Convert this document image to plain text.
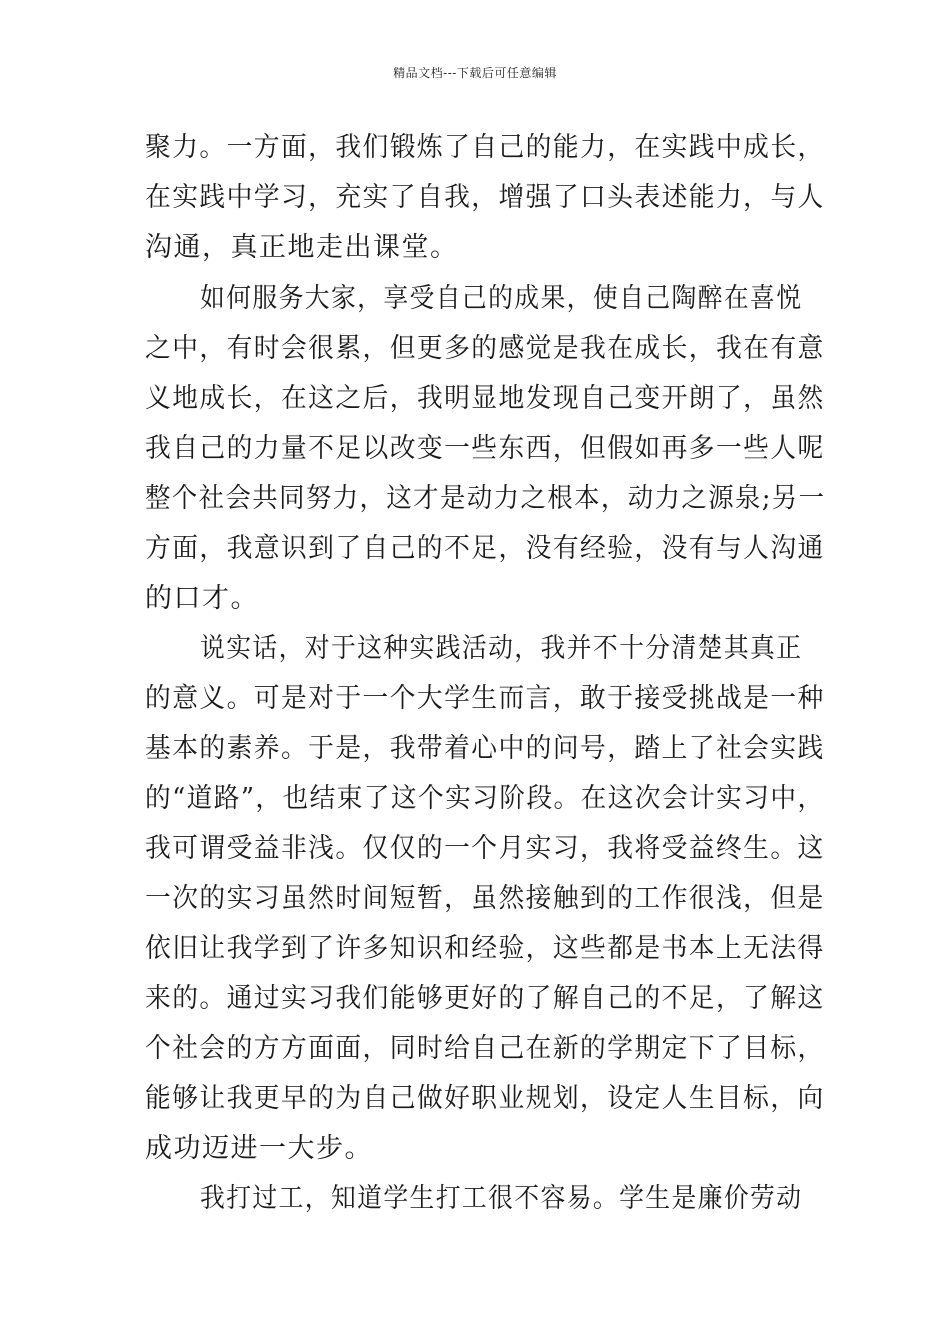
精品文档---下载后可任意编辑
聚力。一方面，我们锻炼了自己的能力，在实践中成长，
在实践中学习，充实了自我，增强了口头表述能力，与人
沟通，真正地走出课堂。
如何服务大家，享受自己的成果，使自己陶醉在喜悦
之中，有时会很累，但更多的感觉是我在成长，我在有意
义地成长，在这之后，我明显地发现自己变开朗了，虽然
我自己的力量不足以改变一些东西，但假如再多一些人呢
整个社会共同努力，这才是动力之根本，动力之源泉;另一
方面，我意识到了自己的不足，没有经验，没有与人沟通
的口才。
说实话，对于这种实践活动，我并不十分清楚其真正
的意义。可是对于一个大学生而言，敢于接受挑战是一种
基本的素养。于是，我带着心中的问号，踏上了社会实践
的“道路”，也结束了这个实习阶段。在这次会计实习中，
我可谓受益非浅。仅仅的一个月实习，我将受益终生。这
一次的实习虽然时间短暂，虽然接触到的工作很浅，但是
依旧让我学到了许多知识和经验，这些都是书本上无法得
来的。通过实习我们能够更好的了解自己的不足，了解这
个社会的方方面面，同时给自己在新的学期定下了目标，
能够让我更早的为自己做好职业规划，设定人生目标，向
成功迈进一大步。
我打过工，知道学生打工很不容易。学生是廉价劳动
